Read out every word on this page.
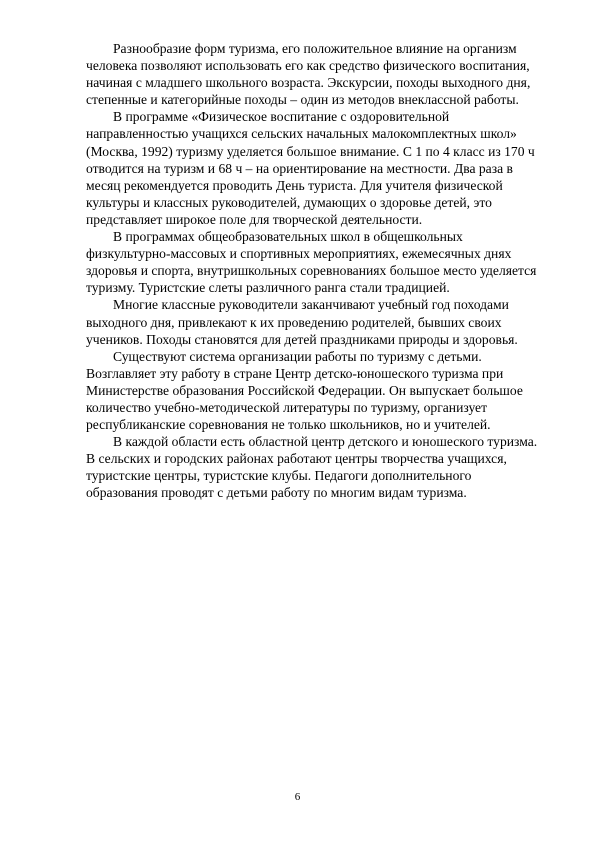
Разнообразие форм туризма, его положительное влияние на организм
человека позволяют использовать его как средство физического воспитания,
начиная с младшего школьного возраста. Экскурсии, походы выходного дня,
степенные и категорийные походы – один из методов внеклассной работы.

В программе «Физическое воспитание с оздоровительной
направленностью учащихся сельских начальных малокомплектных школ»
(Москва, 1992) туризму уделяется большое внимание. С 1 по 4 класс из 170 ч
отводится на туризм и 68 ч – на ориентирование на местности. Два раза в
месяц рекомендуется проводить День туриста. Для учителя физической
культуры и классных руководителей, думающих о здоровье детей, это
представляет широкое поле для творческой деятельности.

В программах общеобразовательных школ в общешкольных
физкультурно-массовых и спортивных мероприятиях, ежемесячных днях
здоровья и спорта, внутришкольных соревнованиях большое место уделяется
туризму. Туристские слеты различного ранга стали традицией.

Многие классные руководители заканчивают учебный год походами
выходного дня, привлекают к их проведению родителей, бывших своих
учеников. Походы становятся для детей праздниками природы и здоровья.

Существуют система организации работы по туризму с детьми.
Возглавляет эту работу в стране Центр детско-юношеского туризма при
Министерстве образования Российской Федерации. Он выпускает большое
количество учебно-методической литературы по туризму, организует
республиканские соревнования не только школьников, но и учителей.

В каждой области есть областной центр детского и юношеского туризма.
В сельских и городских районах работают центры творчества учащихся,
туристские центры, туристские клубы. Педагоги дополнительного
образования проводят с детьми работу по многим видам туризма.

6
